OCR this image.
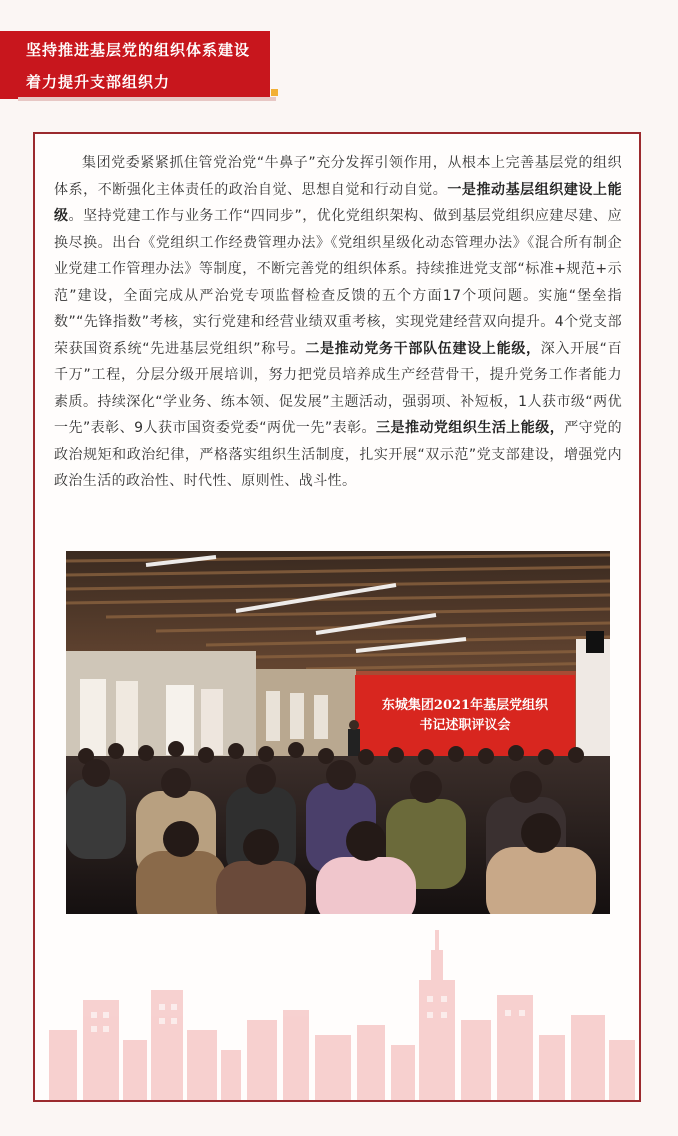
坚持推进基层党的组织体系建设
着力提升支部组织力

集团党委紧紧抓住管党治党“牛鼻子”充分发挥引领作用，从根本上完善基层党的组织体系，不断强化主体责任的政治自觉、思想自觉和行动自觉。一是推动基层组织建设上能级。坚持党建工作与业务工作“四同步”，优化党组织架构、做到基层党组织应建尽建、应换尽换。出台《党组织工作经费管理办法》《党组织星级化动态管理办法》《混合所有制企业党建工作管理办法》等制度，不断完善党的组织体系。持续推进党支部“标准+规范+示范”建设，全面完成从严治党专项监督检查反馈的五个方面17个项问题。实施“堡垒指数”“先锋指数”考核，实行党建和经营业绩双重考核，实现党建经营双向提升。4个党支部荣获国资系统“先进基层党组织”称号。二是推动党务干部队伍建设上能级，深入开展“百千万”工程，分层分级开展培训，努力把党员培养成生产经营骨干，提升党务工作者能力素质。持续深化“学业务、练本领、促发展”主题活动，强弱项、补短板，1人获市级“两优一先”表彰、9人获市国资委党委“两优一先”表彰。三是推动党组织生活上能级，严守党的政治规矩和政治纪律，严格落实组织生活制度，扎实开展“双示范”党支部建设，增强党内政治生活的政治性、时代性、原则性、战斗性。

东城集团2021年基层党组织
书记述职评议会
